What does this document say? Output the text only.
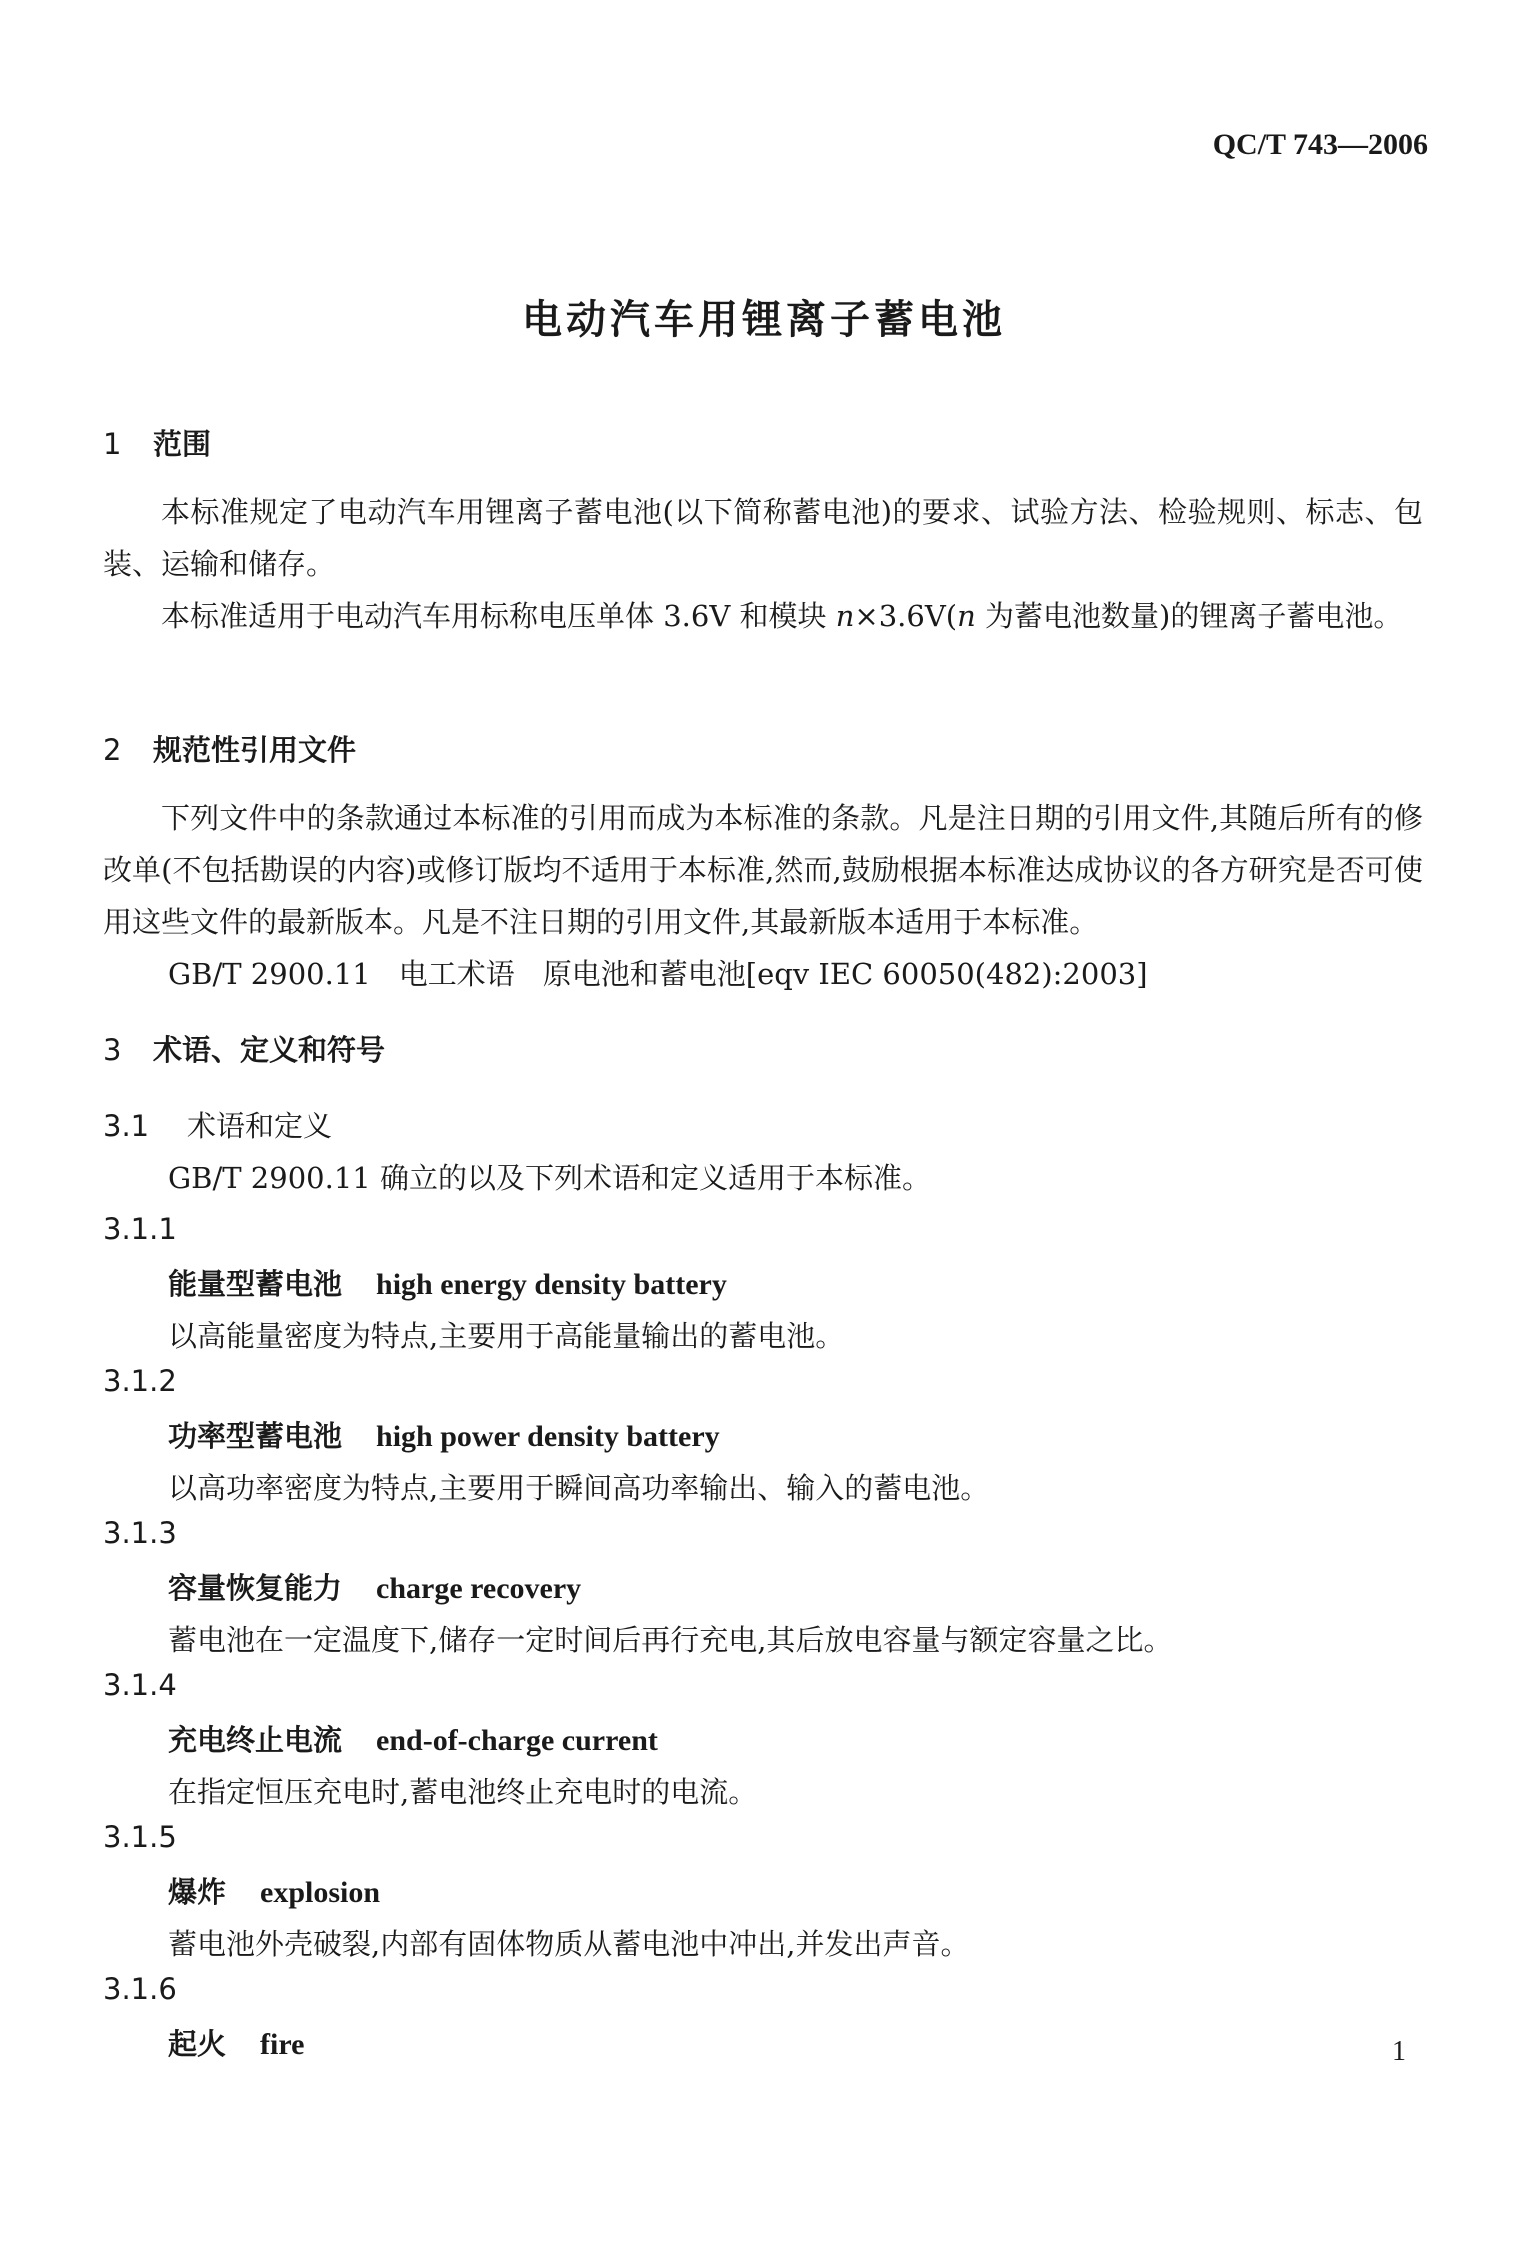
QC/T 743—2006
电动汽车用锂离子蓄电池
1 范围

本标准规定了电动汽车用锂离子蓄电池(以下简称蓄电池)的要求、试验方法、检验规则、标志、包装、运输和储存。

本标准适用于电动汽车用标称电压单体 3.6V 和模块 n×3.6V(n 为蓄电池数量)的锂离子蓄电池。

2 规范性引用文件

下列文件中的条款通过本标准的引用而成为本标准的条款。凡是注日期的引用文件,其随后所有的修改单(不包括勘误的内容)或修订版均不适用于本标准,然而,鼓励根据本标准达成协议的各方研究是否可使用这些文件的最新版本。凡是不注日期的引用文件,其最新版本适用于本标准。

GB/T 2900.11 电工术语 原电池和蓄电池[eqv IEC 60050(482):2003]
3 术语、定义和符号
3.1 术语和定义
GB/T 2900.11 确立的以及下列术语和定义适用于本标准。
3.1.1
能量型蓄电池 high energy density battery
以高能量密度为特点,主要用于高能量输出的蓄电池。
3.1.2
功率型蓄电池 high power density battery
以高功率密度为特点,主要用于瞬间高功率输出、输入的蓄电池。
3.1.3
容量恢复能力 charge recovery
蓄电池在一定温度下,储存一定时间后再行充电,其后放电容量与额定容量之比。
3.1.4
充电终止电流 end-of-charge current
在指定恒压充电时,蓄电池终止充电时的电流。
3.1.5
爆炸 explosion
蓄电池外壳破裂,内部有固体物质从蓄电池中冲出,并发出声音。
3.1.6
起火 fire	1
